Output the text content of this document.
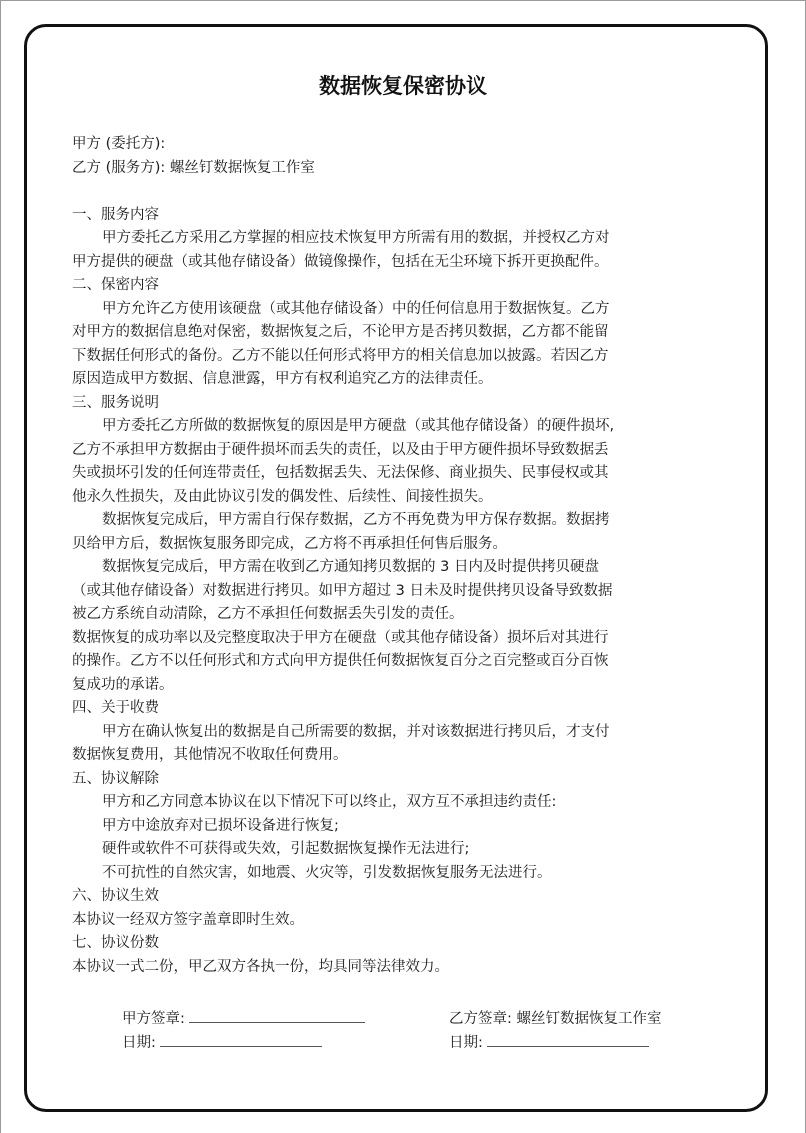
数据恢复保密协议
甲方 (委托方):
乙方 (服务方): 螺丝钉数据恢复工作室
一、服务内容
甲方委托乙方采用乙方掌握的相应技术恢复甲方所需有用的数据，并授权乙方对
甲方提供的硬盘（或其他存储设备）做镜像操作，包括在无尘环境下拆开更换配件。
二、保密内容
甲方允许乙方使用该硬盘（或其他存储设备）中的任何信息用于数据恢复。乙方
对甲方的数据信息绝对保密，数据恢复之后，不论甲方是否拷贝数据，乙方都不能留
下数据任何形式的备份。乙方不能以任何形式将甲方的相关信息加以披露。若因乙方
原因造成甲方数据、信息泄露，甲方有权利追究乙方的法律责任。
三、服务说明
甲方委托乙方所做的数据恢复的原因是甲方硬盘（或其他存储设备）的硬件损坏,
乙方不承担甲方数据由于硬件损坏而丢失的责任，以及由于甲方硬件损坏导致数据丢
失或损坏引发的任何连带责任，包括数据丢失、无法保修、商业损失、民事侵权或其
他永久性损失，及由此协议引发的偶发性、后续性、间接性损失。
数据恢复完成后，甲方需自行保存数据，乙方不再免费为甲方保存数据。数据拷
贝给甲方后，数据恢复服务即完成，乙方将不再承担任何售后服务。
数据恢复完成后，甲方需在收到乙方通知拷贝数据的 3 日内及时提供拷贝硬盘
（或其他存储设备）对数据进行拷贝。如甲方超过 3 日未及时提供拷贝设备导致数据
被乙方系统自动清除，乙方不承担任何数据丢失引发的责任。
数据恢复的成功率以及完整度取决于甲方在硬盘（或其他存储设备）损坏后对其进行
的操作。乙方不以任何形式和方式向甲方提供任何数据恢复百分之百完整或百分百恢
复成功的承诺。
四、关于收费
甲方在确认恢复出的数据是自己所需要的数据，并对该数据进行拷贝后，才支付
数据恢复费用，其他情况不收取任何费用。
五、协议解除
甲方和乙方同意本协议在以下情况下可以终止，双方互不承担违约责任:
甲方中途放弃对已损坏设备进行恢复;
硬件或软件不可获得或失效，引起数据恢复操作无法进行;
不可抗性的自然灾害，如地震、火灾等，引发数据恢复服务无法进行。
六、协议生效
本协议一经双方签字盖章即时生效。
七、协议份数
本协议一式二份，甲乙双方各执一份，均具同等法律效力。
甲方签章:
日期:
乙方签章: 螺丝钉数据恢复工作室
日期:
